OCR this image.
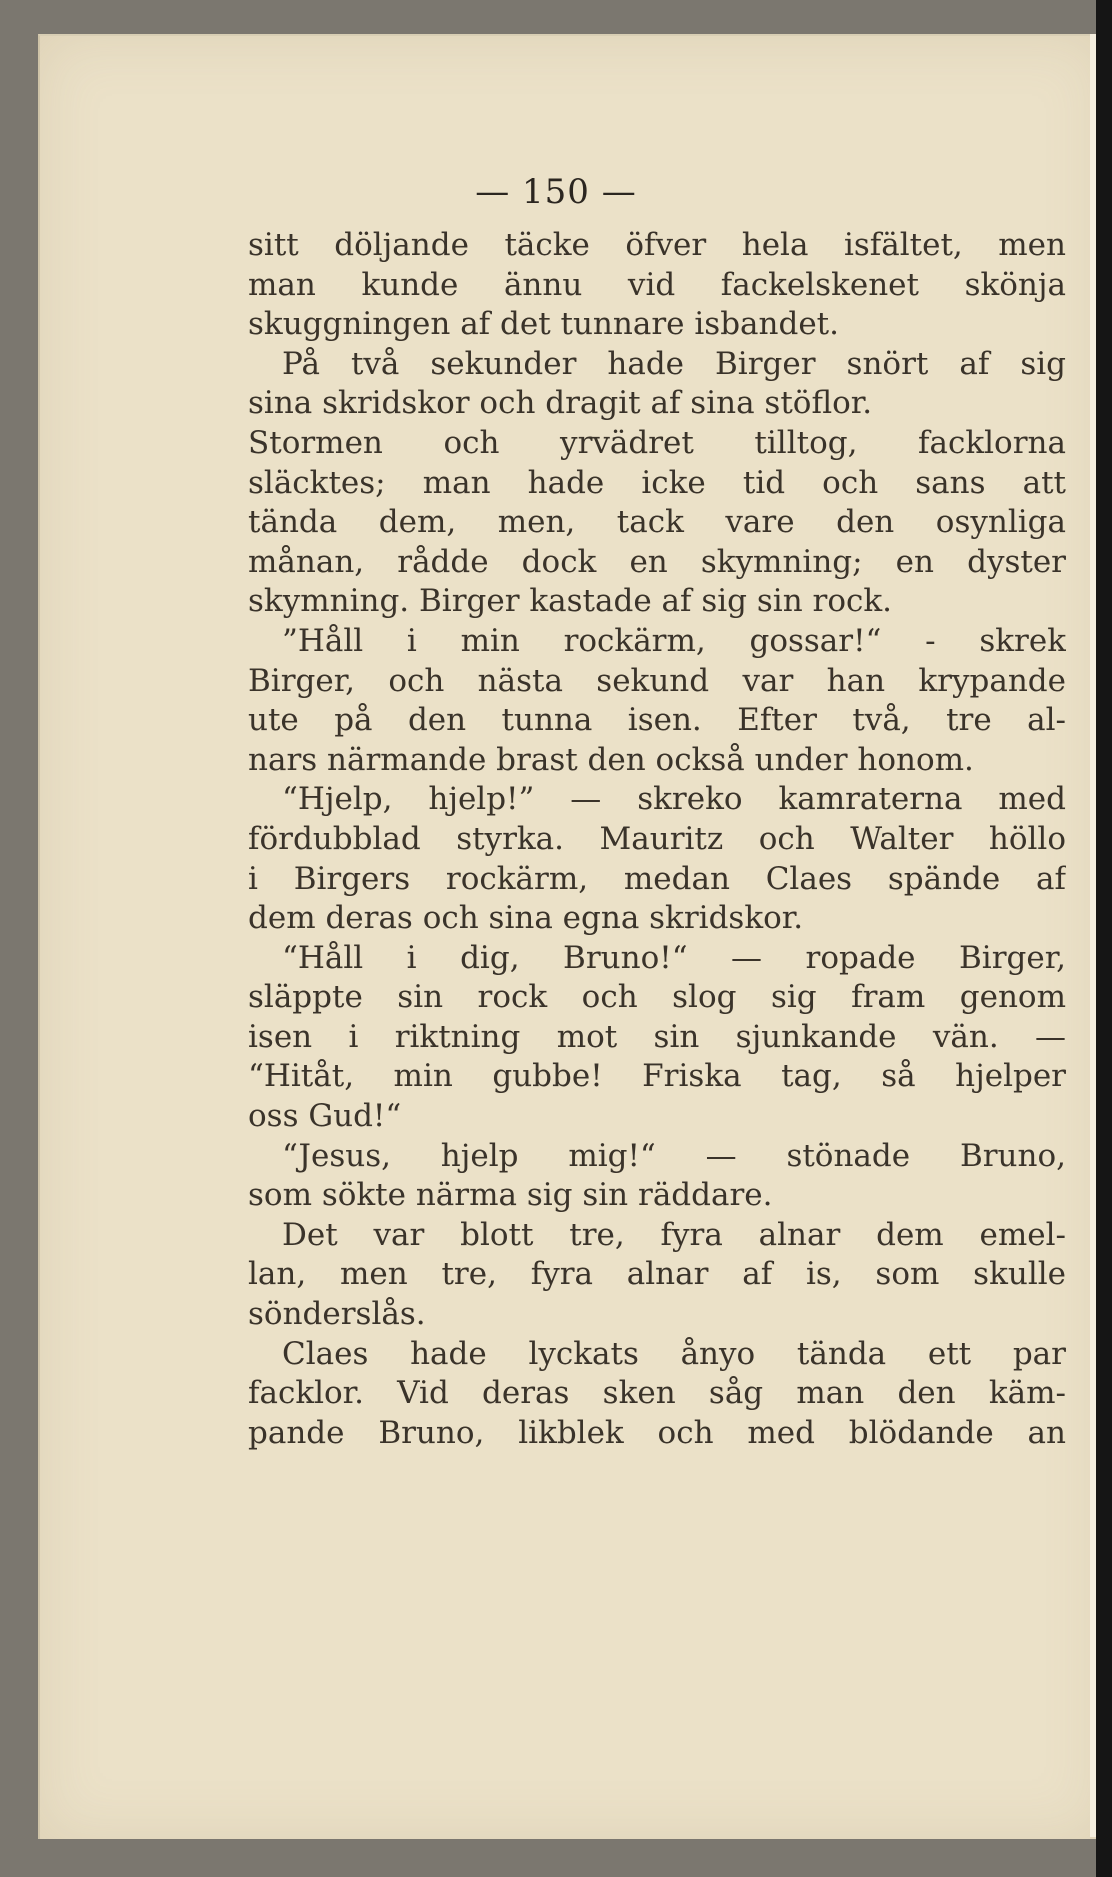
— 150 —
sitt döljande täcke öfver hela isfältet, men
man kunde ännu vid fackelskenet skönja
skuggningen af det tunnare isbandet.
På två sekunder hade Birger snört af sig
sina skridskor och dragit af sina stöflor.
Stormen och yrvädret tilltog, facklorna
släcktes; man hade icke tid och sans att
tända dem, men, tack vare den osynliga
månan, rådde dock en skymning; en dyster
skymning. Birger kastade af sig sin rock.
”Håll i min rockärm, gossar!“ - skrek
Birger, och nästa sekund var han krypande
ute på den tunna isen. Efter två, tre al-
nars närmande brast den också under honom.
“Hjelp, hjelp!” — skreko kamraterna med
fördubblad styrka. Mauritz och Walter höllo
i Birgers rockärm, medan Claes spände af
dem deras och sina egna skridskor.
“Håll i dig, Bruno!“ — ropade Birger,
släppte sin rock och slog sig fram genom
isen i riktning mot sin sjunkande vän. —
“Hitåt, min gubbe! Friska tag, så hjelper
oss Gud!“
“Jesus, hjelp mig!“ — stönade Bruno,
som sökte närma sig sin räddare.
Det var blott tre, fyra alnar dem emel-
lan, men tre, fyra alnar af is, som skulle
sönderslås.
Claes hade lyckats ånyo tända ett par
facklor. Vid deras sken såg man den käm-
pande Bruno, likblek och med blödande an
